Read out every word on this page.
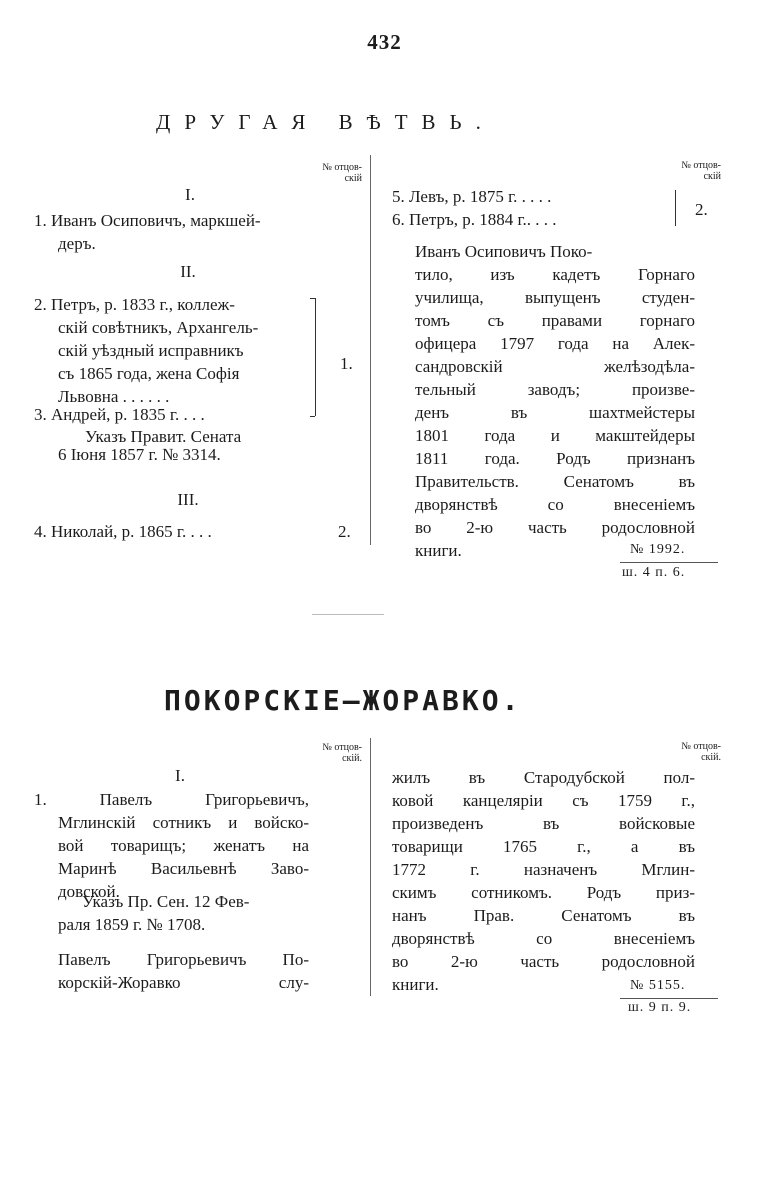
432
ДРУГАЯ ВѢТВЬ.
№ отцов-
скій
№ отцов-
скій
I.
1. Иванъ Осиповичъ, маркшей-
деръ.
II.
2. Петръ, р. 1833 г., коллеж-
скій совѣтникъ, Архангель-
скій уѣздный исправникъ
съ 1865 года, жена Софія
Львовна . . . . . .
3. Андрей, р. 1835 г. . . .
1.
Указъ Правит. Сената
6 Іюня 1857 г. № 3314.
III.
4. Николай, р. 1865 г. . . .	2.
5. Левъ, р. 1875 г. . . . .
6. Петръ, р. 1884 г.. . . .
2.
Иванъ Осиповичъ Поко-
тило, изъ кадетъ Горнаго
училища, выпущенъ студен-
томъ съ правами горнаго
офицера 1797 года на Алек-
сандровскій желѣзодѣла-
тельный заводъ; произве-
денъ въ шахтмейстеры
1801 года и макштейдеры
1811 года. Родъ признанъ
Правительств. Сенатомъ въ
дворянствѣ со внесеніемъ
во 2-ю часть родословной
книги.	№ 1992.
ш. 4 п. 6.
ПОКОРСКІЕ—ЖОРАВКО.
№ отцов-
скій.
№ отцов-
скій.
I.
1. Павелъ Григорьевичъ,
Мглинскій сотникъ и войско-
вой товарищъ; женатъ на
Маринѣ Васильевнѣ Заво-
довской.
Указъ Пр. Сен. 12 Фев-
раля 1859 г. № 1708.
Павелъ Григорьевичъ По-
корскій-Жоравко слу-
жилъ въ Стародубской пол-
ковой канцеляріи съ 1759 г.,
произведенъ въ войсковые
товарищи 1765 г., а въ
1772 г. назначенъ Мглин-
скимъ сотникомъ. Родъ приз-
нанъ Прав. Сенатомъ въ
дворянствѣ со внесеніемъ
во 2-ю часть родословной
книги.	№ 5155.
ш. 9 п. 9.
